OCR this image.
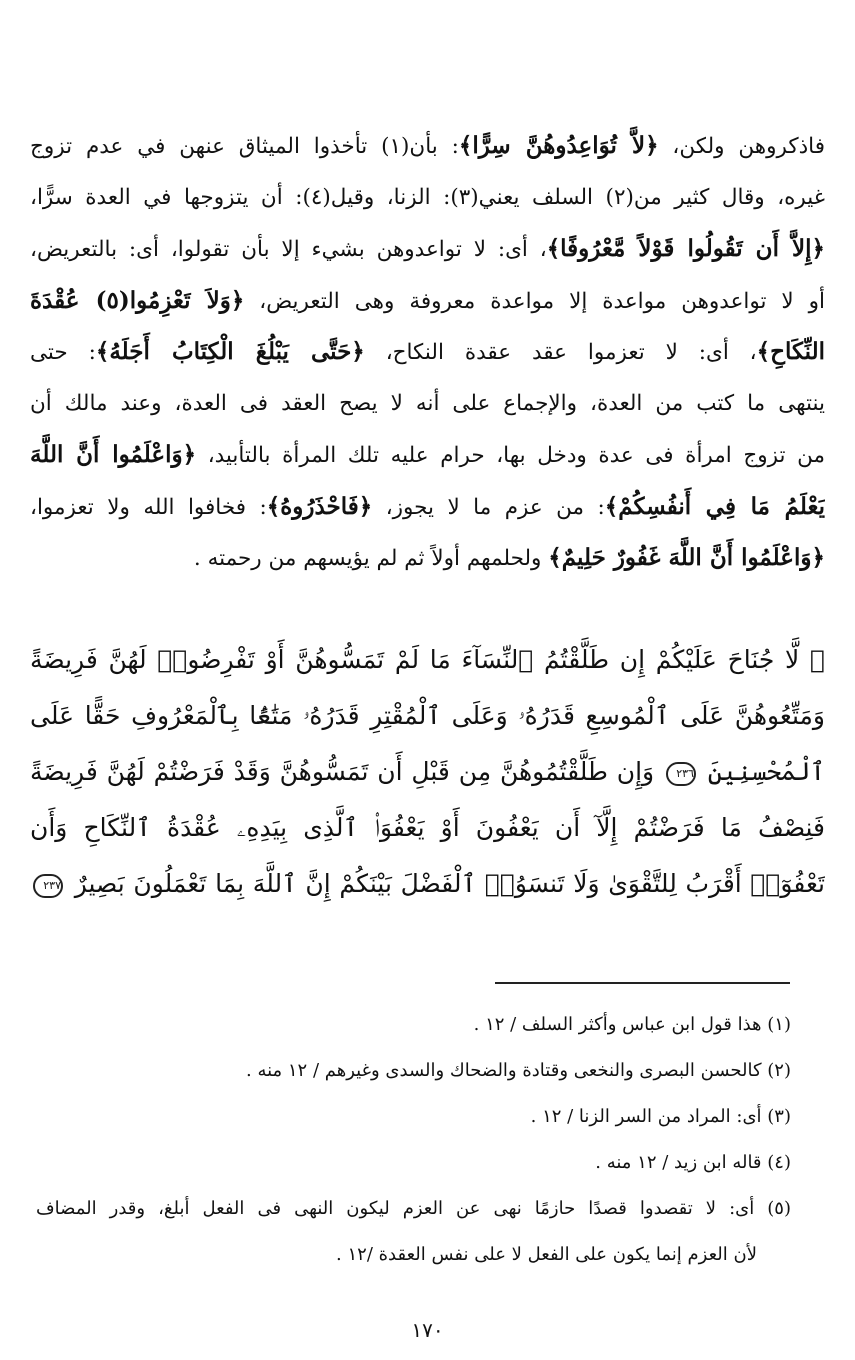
فاذكروهن ولكن، ﴿لاَّ تُوَاعِدُوهُنَّ سِرًّا﴾: بأن(١) تأخذوا الميثاق عنهن في عدم تزوج
غيره، وقال كثير من(٢) السلف يعني(٣): الزنا، وقيل(٤): أن يتزوجها في العدة سرًّا،
﴿إِلاَّ أَن تَقُولُوا قَوْلاً مَّعْرُوفًا﴾، أى: لا تواعدوهن بشيء إلا بأن تقولوا، أى: بالتعريض،
أو لا تواعدوهن مواعدة إلا مواعدة معروفة وهى التعريض، ﴿وَلاَ تَعْزِمُوا(٥) عُقْدَةَ
النِّكَاحِ﴾، أى: لا تعزموا عقد عقدة النكاح، ﴿حَتَّى يَبْلُغَ الْكِتَابُ أَجَلَهُ﴾: حتى
ينتهى ما كتب من العدة، والإجماع على أنه لا يصح العقد فى العدة، وعند مالك أن
من تزوج امرأة فى عدة ودخل بها، حرام عليه تلك المرأة بالتأبيد، ﴿وَاعْلَمُوا أَنَّ اللَّهَ
يَعْلَمُ مَا فِي أَنفُسِكُمْ﴾: من عزم ما لا يجوز، ﴿فَاحْذَرُوهُ﴾: فخافوا الله ولا تعزموا،
﴿وَاعْلَمُوا أَنَّ اللَّهَ غَفُورٌ حَلِيمٌ﴾ ولحلمهم أولاً ثم لم يؤيسهم من رحمته .
﴿ لَّا جُنَاحَ عَلَيْكُمْ إِن طَلَّقْتُمُ ٱلنِّسَآءَ مَا لَمْ تَمَسُّوهُنَّ أَوْ تَفْرِضُوا۟ لَهُنَّ فَرِيضَةً
وَمَتِّعُوهُنَّ عَلَى ٱلْمُوسِعِ قَدَرُهُۥ وَعَلَى ٱلْمُقْتِرِ قَدَرُهُۥ مَتَٰعًۢا بِٱلْمَعْرُوفِ حَقًّا عَلَى
ٱلْمُحْسِنِينَ ٢٣٦ وَإِن طَلَّقْتُمُوهُنَّ مِن قَبْلِ أَن تَمَسُّوهُنَّ وَقَدْ فَرَضْتُمْ لَهُنَّ فَرِيضَةً
فَنِصْفُ مَا فَرَضْتُمْ إِلَّآ أَن يَعْفُونَ أَوْ يَعْفُوَا۟ ٱلَّذِى بِيَدِهِۦ عُقْدَةُ ٱلنِّكَاحِ وَأَن
تَعْفُوٓا۟ أَقْرَبُ لِلتَّقْوَىٰ وَلَا تَنسَوُا۟ ٱلْفَضْلَ بَيْنَكُمْ إِنَّ ٱللَّهَ بِمَا تَعْمَلُونَ بَصِيرٌ ٢٣٧
(١) هذا قول ابن عباس وأكثر السلف / ١٢ .
(٢) كالحسن البصرى والنخعى وقتادة والضحاك والسدى وغيرهم / ١٢ منه .
(٣) أى: المراد من السر الزنا / ١٢ .
(٤) قاله ابن زيد / ١٢ منه .
(٥) أى: لا تقصدوا قصدًا حازمًا نهى عن العزم ليكون النهى فى الفعل أبلغ، وقدر المضاف
لأن العزم إنما يكون على الفعل لا على نفس العقدة /١٢ .
١٧٠
